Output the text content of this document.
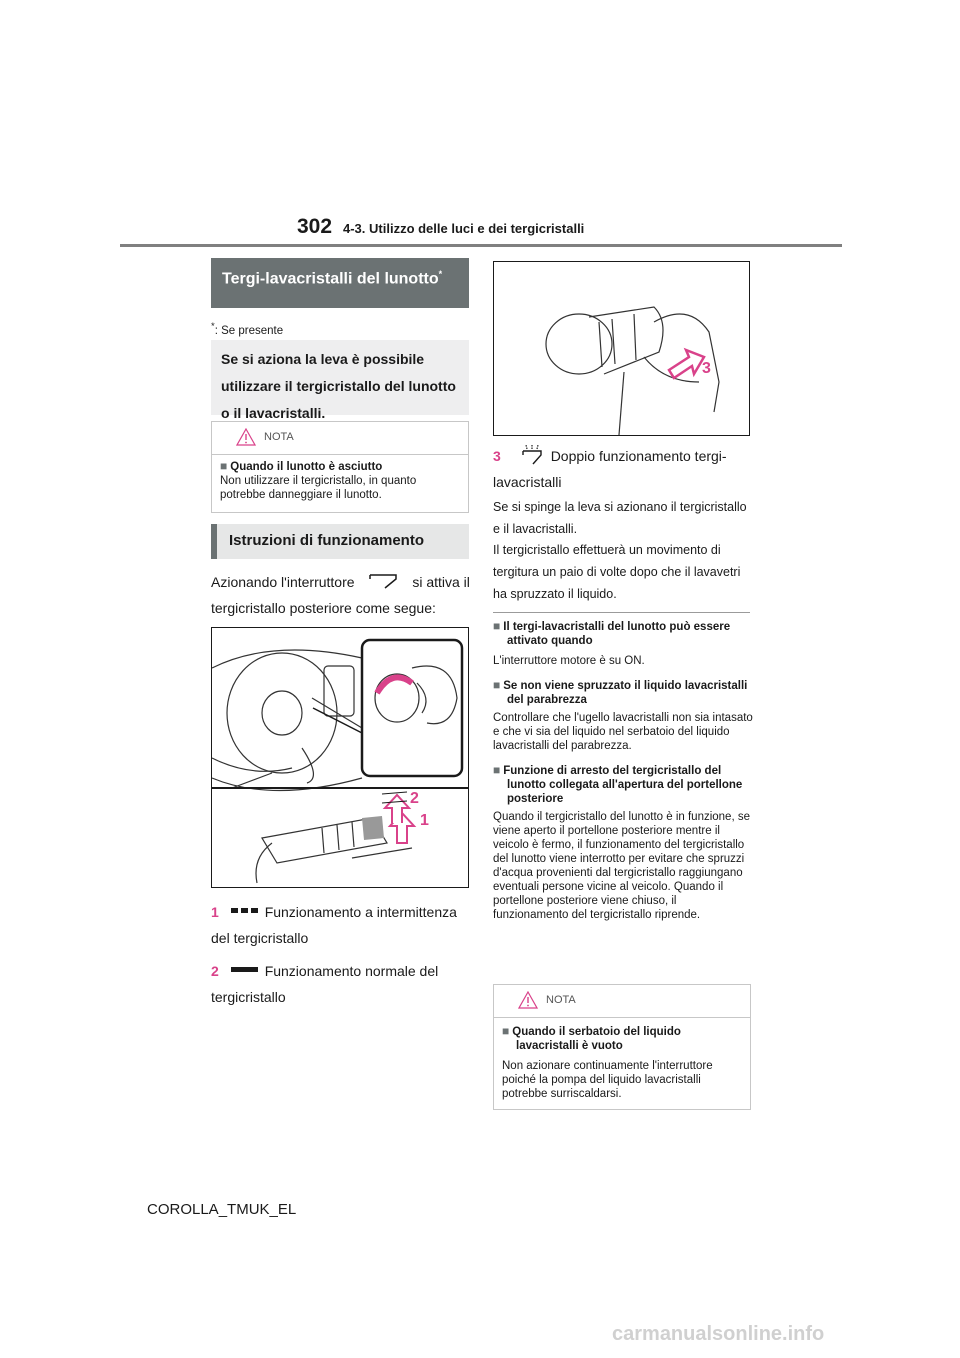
302 4-3. Utilizzo delle luci e dei tergicristalli
Tergi-lavacristalli del lunotto*
*: Se presente
Se si aziona la leva è possibile utilizzare il tergicristallo del lunotto o il lavacristalli.
NOTA
■ Quando il lunotto è asciutto
Non utilizzare il tergicristallo, in quanto potrebbe danneggiare il lunotto.
Istruzioni di funzionamento
Azionando l'interruttore	si attiva il tergicristallo posteriore come segue:
2
1
1	Funzionamento a intermittenza del tergicristallo
2	Funzionamento normale del tergicristallo
3
3	Doppio funzionamento tergi-lavacristalli
Se si spinge la leva si azionano il tergicristallo e il lavacristalli.
Il tergicristallo effettuerà un movimento di tergitura un paio di volte dopo che il lavavetri ha spruzzato il liquido.
■ Il tergi-lavacristalli del lunotto può essere attivato quando
L'interruttore motore è su ON.
■ Se non viene spruzzato il liquido lavacristalli del parabrezza
Controllare che l'ugello lavacristalli non sia intasato e che vi sia del liquido nel serbatoio del liquido lavacristalli del parabrezza.
■ Funzione di arresto del tergicristallo del lunotto collegata all'apertura del portellone posteriore
Quando il tergicristallo del lunotto è in funzione, se viene aperto il portellone posteriore mentre il veicolo è fermo, il funzionamento del tergicristallo del lunotto viene interrotto per evitare che spruzzi d'acqua provenienti dal tergicristallo raggiungano eventuali persone vicine al veicolo. Quando il portellone posteriore viene chiuso, il funzionamento del tergicristallo riprende.
NOTA
■ Quando il serbatoio del liquido lavacristalli è vuoto
Non azionare continuamente l'interruttore poiché la pompa del liquido lavacristalli potrebbe surriscaldarsi.
COROLLA_TMUK_EL
carmanualsonline.info
